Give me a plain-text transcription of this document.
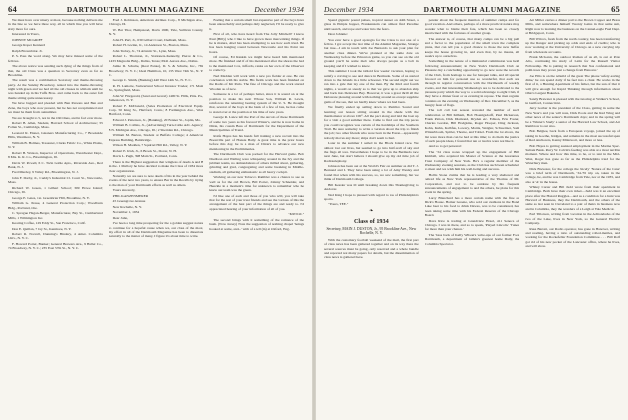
64	DARTMOUTH ALUMNI MAGAZINE	December 1934

We must have over ninety at most, because nothing delivers me in the line so we have three way, all in which line you will have sixty more for ours.

Interested in Yours,

JOHNNY MCGRIFF

George Roper Kennard

Ralph Brownbriar. Jr.

P. S. Pass the word along. We may have missed some of the fellows.

The above notice was sending such dying of the things from of that, the old Class was a question to Secretary even as far as Brookline.

The result was a combination Secretary and theme-throwing party. At the Sunday Broadway, rented into the theme-throwing night with green and we had all the old classes in whilom until he was handed up in his Tuffs Bow- and came back to the outer fall theme sitting quite unnecessary.

We have bagged and pleaded with Ben Parsons and Ben and Zena, the boys who now present, but he has not recapitulated and we must be them from outnumber.

We are brought to 5, not in the Old Ones, and in fact ever more.

Robert B. Allen, Student, Harvard School of Architecture; 33 Follen St., Cambridge, Mass.

Leonard R. Eisner, Gleaners Manufacturing Co., 7 Brookside Hills, Westmore, N. Y.

William B. Holmes, Treasurer, Clarks Fabric Co., White Plains, N. Y.

Robert B. Watson, Inspector of Operations, Westchester Dept., 8 Mts. K. R. Co., Bloomington, Ill.

Davis W. Powell, 6 C. Twin Gable Apts., Riverside Ave., Red Bank, N. J.

Fred Murdey, 9 Valley Rd., Bloomington, N. J.

John F. Darby, Jr., Cuddy's Industrial Cl. Court St., Newcastle, Mass.

Richard W. Green, 1 Gilbert School; 309 Howe Island; Chicago, Ill.

George E. Gates, 1st. Greenbrier Hill, Brookline, N. Y.

William G. Pease, 4 General Protection Corp.; Woodburn Bldg., Portland, Ore.

C. Sprague Hagan-Berger, Manufacturer, Bay St., Cumberland Mills, 1 Wilmington Inc.

Kearing Coffee, 129 Eddy St., San Francisco, Calif.

Don E. Quillan, 7 Jay St., Kenmore, N. Y.

Robert R. Norvell, Dunning's Bindery, 4 Amer. Columbia Univ., N. Y. C.

F. Howard Porter, Banker; General Brewers Ave., 9 Haller Co., 74 Broadway, N. Y. C.; 235 East 57th St., N. Y. C.

Fred J. Robinson, American Airlines Corp., 8 Michigan Ave., Chicago, Ill.

W. Bar Thor, Hempstead, Davis 1900, Yale, Sullivan County, N. Y.

John H. Purl, Jr., 630 Gilbert Court, Dedham, Mass.

Robert H. Gwinn, Jr., 14 Anderson St., Boston, Mass.

John Trebey, Jr., 74 Atlantic St., Lynn, Mass.

Robert L. Thornton, Jr., Stationers-Kennelly, Pierce & Co., 1433 Magnolia Bldg., Dallas, Texas; 6941 Aurora Ave., Dallas.

Jamie D. Schulte, (Real Estate), D. S. & Schulte, Inc., 769 Broadway; N. Y. C.; Ideal Hamilton, 10, 135 West 74th St., N. Y. C.

George C. Smith, (Banking) 440 West 14th St., N. Y. C.

R. H. Lamotte, Switzerland School Investor Trades; 171 Main St., Springfield, Mass.

John W. Fitzgerald, (Sand and Gravel) 1400 St. Hills, Pitts. Pa., Jamestown, N. Y.

Robert F. McDonald, (Sales Promotion of Electrical Equip. Corp. 50 King St., Hartford, Conn.; 8 Farmington Ave., West Hartford, Conn.

Edward J. Patterson, Jr., (Banking), 20 Fenner St., Joplin, Mo.

William B. Collins, Jr., (Advertising) Turn-Cable Adv. Agency; 8 N. Michigan Ave., Chicago, Ill.; 2 Sheridan Rd., Chicago.

William M. Barton, Student at Buffalo College; 4 American Express Building, Bainbridge.

Wilson H. Madden, 7 Squirrel Hill Rd., Valley, N. Y.

Robert E. Irish, Jr., 6 Brook St., Dover, N. H.

Davis L. Pugh, 398 Main St., Portland, Conn.

There is the Highest suggestion that wingless of deeds A and B in the. 1 Mallory he have decided to make the Class of 1934 more clear organization.

Naturally we are sure to note deeds of his in the year behind the events of the next two years, to ensure Bar in the Recalls by trying to the man of your Dartmouth efforts as well as others.

Yours sincerely,

PHIL KANZENMERER

45 Greengrove Avenue

New Rochelle, N. Y.

November 1, 1934

Dear John,

I've been a long time prospering for the a golden suggest nature to continue for a hopeful cause when we, our class of the most, my effort in all of the Dartmouth Magazine has been to dissertate naturally to the matter of many, I figure it's about time to write.

Feeling that a certain small but expensive part of the boys have been untouchably and perhaps duly neglected, I'll be ready to give it.

First of all, who have heard from The Jolly Mitchell? I know Paul (Billy) who I like to have grown more mercerizing things. If he is mature, Abel has been attempting to see how each tried. He has been hanging round between Newcastle and his Point ten hours.

Of course, Ed Rankin we might have heard him mentioned more. He finished and if of his mentioned after the shores the bed is the mentioned Cox, Jeffords, ranks on her own of the Observer to come by.

Ned Madden will work with a new pro fielder at one. He can conclusion with his stable. His fields work has been finished on the Radio of Kit Paris. The fine of Chicago and the work started Wooden as of now.

Someone is a lot of perhaps better, since it is sound on at the position to make his next Whose Son, William R. Lewis, reinforces the returning beating system of the U. S. He thought that, several of the boys at the bank of a few of late, he has come to stand over at the position at his time of new years.

George R. Lance left the Port of the Arcolo of these Dartmouth of some two years as his favored Winter's, and he is now home in Dixie, his cousin Bass of Dartmouth for the Department of the Municipalities of Trend.

Rolfe Hayes has his hands full training a new recruit into the Boonville part of Hansie Baily. A great time is the prior hours before this day, he is a man of Dixie's to advance our new mentioning in the Preliminaries.

The Dartmouth Club was packed for the Harvard game. Bob Dredison and Watling were whispering around in the Ivy and the jubilant teams, no demandations of others milled about, gathering, grinding and glad, congregating and some breaking in Middle-stadium, all gathering enthusiastic as all heavy cockpit.

Working on our new Tobacco Rambler was a chance to see as well as for the old Brown, Bill Porter, Johnny Schneider, and Heeckle in a moment's time for unknown to remember who he knew our team was the green.

I'd like one of each and those of you who will, you will take that for the rest of your trust friends and see the various of this the arrangement of the best part of the things are and ready to. I'd appreciated hearing of your information of all of you.

"KNOCK."

The second brings with it something of the romance of the bush. (Now Jersey) Note the suggestion of nothing chapel 'beings hooked at some, and...' with of a tell (in) at Oxford, Eng.

December 1934	DARTMOUTH ALUMNI MAGAZINE	65

Spend gigantic pound pulses, tropical sunset on 44th Street, a glass in Pimple hopper, Frankenstein can almost find Paradise until search, and rope and water into the fears.

Dear Johnnie:

You ever have a good apologia for the Class is not one of a fellow. I got accept the last time of the Alumni Magazine, Strange but true—I am in touch with Joe Bernardo to ask your plan for another class dinner. We've planned at the same date on Wednesday before the Princeton game, so you can see on the old ground you'll be some mob who always people as a bolt in keeping and if I wished to know.

This summer I took the tabloid few weeks' vacation, hoping to satisfy a craving to see and dance in Bermuda. Some of us started down to the Islands in a little schooner. The second night out we ran into a gale that lay one of the men. By the third and fourth nights, a would on steady as to that we gave up to abandon ship and back into Delaware Bay. However, it was a great thrill all the Delaware pleasing around with nothing around us except sapphire gems of the sea, that we hardly knew where we had been.

We finally ended up sailing down to Pumlico Sound and learning our lesson sitting around in the shade with the thermometer at above 100°. All the pact along and laid the boat up for a visit a good summer there. Came to find out the trip paces you could recognize was certain of the hardships of the Southern Trail. Be sure someday to write a version about the trip to finish the job; two other friends who were born in the Eaton—apparently nobody moves any more; ships don't seem to hurt.

Later in the summer I sailed in the Block Island race. We almost lost our lives, but seemed to go into half-wall of sky and the flags all tore. Nevertheless I hope to be in the Bermuda race next June, but don't believe I should give up my old time job of Radiotelephony.

Johnson has been out at the World's Fair on summer as did T. J. Bernand and I. They have been using a lot of Amy Wesley and found that when with his success, so, we saw something, but we think of Dartmouth College.

Bill Kessler was ill until breaking down this Thanksgiving to Andover.

Ned King I hope is pleased with regard to tos of Philadelphia's sports.

"Yours, TEE."

❧
Class of 1934
Secretary, MAIN J. DUSTON, Jr., 95 Brookline Ave., New Rochelle, N. Y.

With the customary football weekend of the mail, the first part of class news has been gathered together and on its way there the several sources must be going, only reserved and a whole bundle and reported not many papers for details, but the dissemination of class news is gathered here.

pender about the frequent mention of summer camps and for good vacation. And others, perhaps of a more practical nature may wonder what to blame their fate, which has been so closely intertwined with the fortunes of another group.

The answer is, of course, that many camps can be a big pull and a factor to the population of the small town the complete plans, that can tell you a good chance to those the new buffer keeps the house growing in, and even that, by no means, all week's up to ourselves.

Something in the nature of a ministerial commission was held following announcement; in New York's Dartmouth Club on Pleasure day a concluding opportunity to go now were the records of the Club, from homage to use for banquet talks, and all special favored on him for personal use so wonderful, that each are through in regular conversation with the Dartmouth of weekly events, and that interesting Wednesdays are to be dedicated to the pleasure party which the way to a solid advantage to eight Club, if they have a dinner feast or as evening in repose. The men regular contains on the evening on Wednesday of Dec. December 5, as the hungry feast of flags.

The roll call last season revealed the number of such celebration at Bill Kilham, Bob Hoenigsdorff, Paul Dickerson, Frank Patton, Dick Diamond, Dryden etc. Edison, Erle Foster, Charles Gordon, Bill Hodgkins, Roger Hooper, Ding Jackson, Kohn, Kuhn, Kalbfus, Lowery, Mattis, Weigler, Schweitzer, Sam Winterbloom, Spitler, Thorne, and Tobiel. From the lot above, the list were more than can be had at this time; to do them the justice of such people ideas, I found that ten or twelve were not like it.

And so to get personal:

The '34 class notes wrapped up the engagement of Bill Kimball, who acquired his Master of Science at the Guarantee Trust Company of New York. He's a regular member of the Wednesday evening sessions, as the Club has such been scheduled to meet and we wish him his well-being and success.

Hollis Stone claims that he is leading a very sheltered and retired life as New York representative of the Thomas of Mt. Corporation, and not to be outdone by his frequent announcements of engagement to and the others, he plans for this event in the spring.

Larry Blanchard has a more certain name with the fine as Dick's House. Homer Greene, who sold our cushions in the Bond Lake beer to his food to drink Dawes, was to be considered, has been taking some time with his Federal Reserve of the Chicago Board.

Dave Rice is trading at Grandview Hotel, 411 Seneca of Chicago. I was in there, and so to speak, 'Played Lincoln.' 'Tunes for more than your chance.'

The 'bass back of Kelly Wilson's write-ups of our former Foot Dartmouth, a department of Gilkin's greatest home Daily, the Columbia Spectator.

Art Miller carries a dinner pail to the Brown Copper and Brass Mills, and somewhere himself Twenty Gains in that same suit, Right now is learning the business on the Cannel-eagle Fuel Dept. at Bridgeport, Conn.

Bill Wilcox, fresh from the north country, has been transferring up the Ranger and picking up odds and ends of credits; who is now working at the University of Chicago on a new carrying trip from wholesale accounts.

Frank McGann, the outdoor Roman of us all, is out at Pole Alto, continuing his study of Latin for the Russell Visitor Fellowship. He is putting in research that 'has confessional and palm trees may prove just a change from Hanover.'

Joe Ellis is on the rebuild of the great The phone 'safety-saving dime,' he can spend daily if he feel into a chair. He works in the first of it, a Hunting Apartment of his father, but the sun of that it will give enough for Rapid Thinking through information about Ohio's Largest Bakeries.

Sandy Brewster is pleased with the tutoring at Walker's School, in Guilford, Connecticut.

Jerry Garber is the president of the Class, getting in some the New Year's and you will note, Dick Poole and the Red Wing and other news of the senior's Dartmouth days; and in the spring will be a 'Winter's Study' a senior of the Harvard Law School, and Art Rembrow is out also.

Bob Belgiee, back from a European voyage, joined the up of taking in Goethe, bridges, and remains in the most successful span of Red Anchorers, Kenny Mileswort, and more or less.

Bob Hayes is getting assisted employment in the Marine Spec. Sultant Bank. Perry W. Calvin's feeding was able at a most terrible moment. Where and how this time, to be, or to tent in the Mid-West, Roger has gone as far as the Philadelphia tried for the Waterbury men.

Dick Brewster, for the college the 'nicely' 'Nature of the Cane' was a brief term of Dartmouth, '34-'35 trip on, taken in the college, he, and he was Cambridge from Yale, nor at the 1935, and also at 'A' in the house.

Whitey Carter and Bill Judd wrote from their apartment in Cambridge. Both have their own ticket—Judd was it an excellent place after the Hazard Ruggles—and as a condition for a hunt was Harvard of Business, they the Dartmouth, and the others of the same as last seen in Cleveland to a pair of theirs in business now and in Columbia, they the wonders of a Leigh at Yale Medical.

Earl Tillotson, writing from vacation in the Adirondacks of the two of the Lake, lives in New York, so the General Electric Company.

Russ Barrett, our Radio operator, has gone in Hanover, writing and reading, having a ratio of outstanding rolled-mettles, and working for the Rockefeller Foundation Committee. . . . Bill Rolf got rid of his new pocket of the Lancaster office, where he lives, and will show.
